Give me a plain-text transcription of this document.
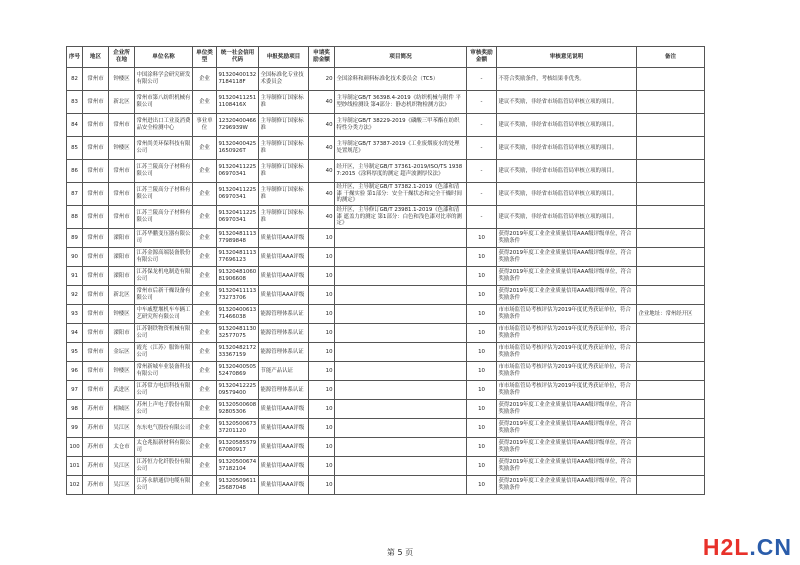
序号	地区	企业所在地	单位名称	单位类型	统一社会信用代码	申报奖励项目	申请奖励金额	项目简况	审核奖励金额	审核意见说明	备注
82	常州市	钟楼区	中国涂料学会研究研发有限公司	企业	91320400132 7184118F	全国标准化专业技术委员会	20	全国涂料和颜料标准化技术委员会（TC5）	-	不符合奖励条件，考核结果非优秀。	
83	常州市	新北区	常州市第八纺织机械有限公司	企业	91320411251 1108416X	主导制修订国家标准	40	主导制定GB/T 36398.4-2019《纺织机械与附件 平型纱线检测设 第4部分：静态机织物检测方法》	-	建议不奖励，非经省市场监管局审核立项的项目。	
84	常州市	常州市	常州进出口工业及消费品安全检测中心	事业单位	12320400466 7296939W	主导制修订国家标准	40	主导制定GB/T 38229-2019《磷酸三甲苯酯在纺织特性分类方法》	-	建议不奖励，非经省市场监管局审核立项的项目。	
85	常州市	钟楼区	常州尚美环保科技有限公司	企业	91320400425 1650926T	主导制修订国家标准	40	主导制定GB/T 37387-2019《工业废烟废水的处理处置规范》	-	建议不奖励，非经省市场监管局审核立项的项目。	
86	常州市	常州市	江苏兰陵高分子材料有限公司	企业	91320411225 06970341	主导制修订国家标准	40	经开区，主导制定GB/T 37361-2019/ISO/TS 19387:2015《涂料厚度的测定 超声波测厚仪法》	-	建议不奖励，非经省市场监管局审核立项的项目。	
87	常州市	常州市	江苏兰陵高分子材料有限公司	企业	91320411225 06970341	主导制修订国家标准	40	经开区，主导制定GB/T 37382.1-2019《色漆和清漆 干燥实验 第1部分：安全干燥状态和完全干燥时间的测定》	-	建议不奖励，非经省市场监管局审核立项的项目。	
88	常州市	常州市	江苏兰陵高分子材料有限公司	企业	91320411225 06970341	主导制修订国家标准	40	经开区，主导修订GB/T 23981.1-2019《色漆和清漆 遮盖力的测定 第1部分：白色和浅色漆对比率的测定》	-	建议不奖励，非经省市场监管局审核立项的项目。	
89	常州市	溧阳市	江苏华鹏变压器有限公司	企业	91320481113 77989848	质量信用AAA评级	10		10	获得2019年度工业企业质量信用AAA级评级单位，符合奖励条件	
90	常州市	溧阳市	江苏金源高端装备股份有限公司	企业	91320481113 77696123	质量信用AAA评级	10		10	获得2019年度工业企业质量信用AAA级评级单位，符合奖励条件	
91	常州市	溧阳市	江苏保龙机电制造有限公司	企业	91320481060 81906608	质量信用AAA评级	10		10	获得2019年度工业企业质量信用AAA级评级单位，符合奖励条件	
92	常州市	新北区	常州市后新干燥设备有限公司	企业	91320411113 73273706	质量信用AAA评级	10		10	获得2019年度工业企业质量信用AAA级评级单位，符合奖励条件	
93	常州市	钟楼区	中车戚墅堰机车车辆工艺研究所有限公司	企业	91320400613 71466038	能源管理体系认证	10		10	市市场监管局考核评估为2019年度优秀获证单位，符合奖励条件	企业地址：常州经开区
94	常州市	溧阳市	江苏钢铁物资机械有限公司	企业	91320481130 32577075	能源管理体系认证	10		10	市市场监管局考核评估为2019年度优秀获证单位，符合奖励条件	
95	常州市	金坛区	霞光（江苏）服饰有限公司	企业	91320482172 33367159	能源管理体系认证	10		10	市市场监管局考核评估为2019年度优秀获证单位，符合奖励条件	
96	常州市	钟楼区	常州新城车业装备科技有限公司	企业	91320400505 52470869	节能产品认证	10		10	市市场监管局考核评估为2019年度优秀获证单位，符合奖励条件	
97	常州市	武进区	江苏常力电信科技有限公司	企业	91320412225 09579400	能源管理体系认证	10		10	市市场监管局考核评估为2019年度优秀获证单位，符合奖励条件	
98	苏州市	相城区	苏州上声电子股份有限公司	企业	91320500608 92805306	质量信用AAA评级	10		10	获得2019年度工业企业质量信用AAA级评级单位，符合奖励条件	
99	苏州市	吴江区	东东电气股份有限公司	企业	91320500673 37201120	质量信用AAA评级	10		10	获得2019年度工业企业质量信用AAA级评级单位，符合奖励条件	
100	苏州市	太仓市	太仓兆振新材料有限公司	企业	91320585579 67080917	质量信用AAA评级	10		10	获得2019年度工业企业质量信用AAA级评级单位，符合奖励条件	
101	苏州市	吴江区	江苏恒力化纤股份有限公司	企业	91320500674 37182104	质量信用AAA评级	10		10	获得2019年度工业企业质量信用AAA级评级单位，符合奖励条件	
102	苏州市	吴江区	江苏永鼎通信电缆有限公司	企业	91320509611 25687048	质量信用AAA评级	10		10	获得2019年度工业企业质量信用AAA级评级单位，符合奖励条件	
第 5 页	H2L.CN
